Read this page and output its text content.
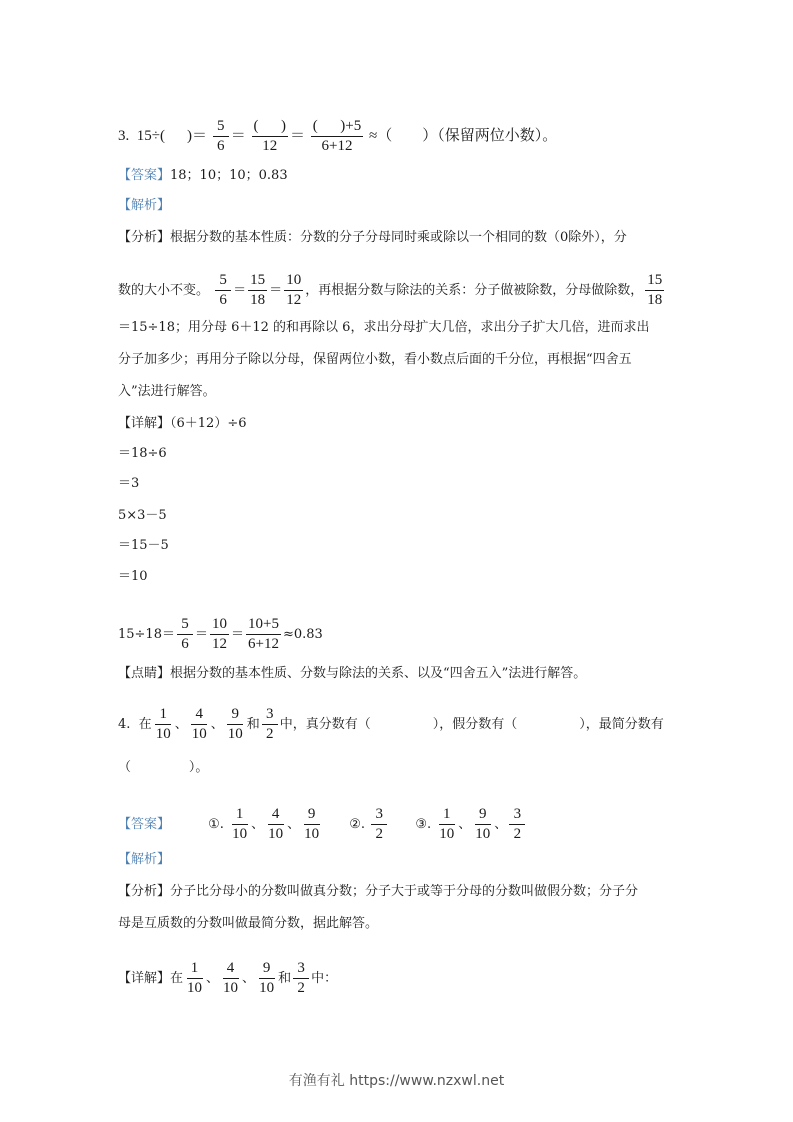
3. 15÷( )＝ $\frac{5}{6} = \frac{( )}{12} = \frac{( )+5}{6+12}$ ≈（ ）（保留两位小数）。
【答案】18；10；10；0.83
【解析】
【分析】根据分数的基本性质：分数的分子分母同时乘或除以一个相同的数（0除外），分
数的大小不变。 $\frac{5}{6} = \frac{15}{18} = \frac{10}{12}$ ，再根据分数与除法的关系：分子做被除数，分母做除数， $\frac{15}{18}$
＝15÷18；用分母 6＋12 的和再除以 6，求出分母扩大几倍，求出分子扩大几倍，进而求出
分子加多少；再用分子除以分母，保留两位小数，看小数点后面的千分位，再根据“四舍五
入”法进行解答。
【详解】（6＋12）÷6
＝18÷6
＝3
5×3－5
＝15－5
＝10
$15\div 18= \frac{5}{6} = \frac{10}{12} = \frac{10+5}{6+12} \approx 0.83$
【点睛】根据分数的基本性质、分数与除法的关系、以及“四舍五入”法进行解答。
4. 在 $\frac{1}{10}$ 、 $\frac{4}{10}$ 、 $\frac{9}{10}$ 和 $\frac{3}{2}$ 中，真分数有（	），假分数有（	），最简分数有
（              ）。
【答案】	①. $\frac{1}{10}$ 、 $\frac{4}{10}$ 、 $\frac{9}{10}$ ②. $\frac{3}{2}$ ③. $\frac{1}{10}$ 、 $\frac{9}{10}$ 、 $\frac{3}{2}$
【解析】
【分析】分子比分母小的分数叫做真分数；分子大于或等于分母的分数叫做假分数；分子分
母是互质数的分数叫做最简分数，据此解答。
【详解】在 $\frac{1}{10}$ 、 $\frac{4}{10}$ 、 $\frac{9}{10}$ 和 $\frac{3}{2}$ 中：
有渔有礼 https://www.nzxwl.net
